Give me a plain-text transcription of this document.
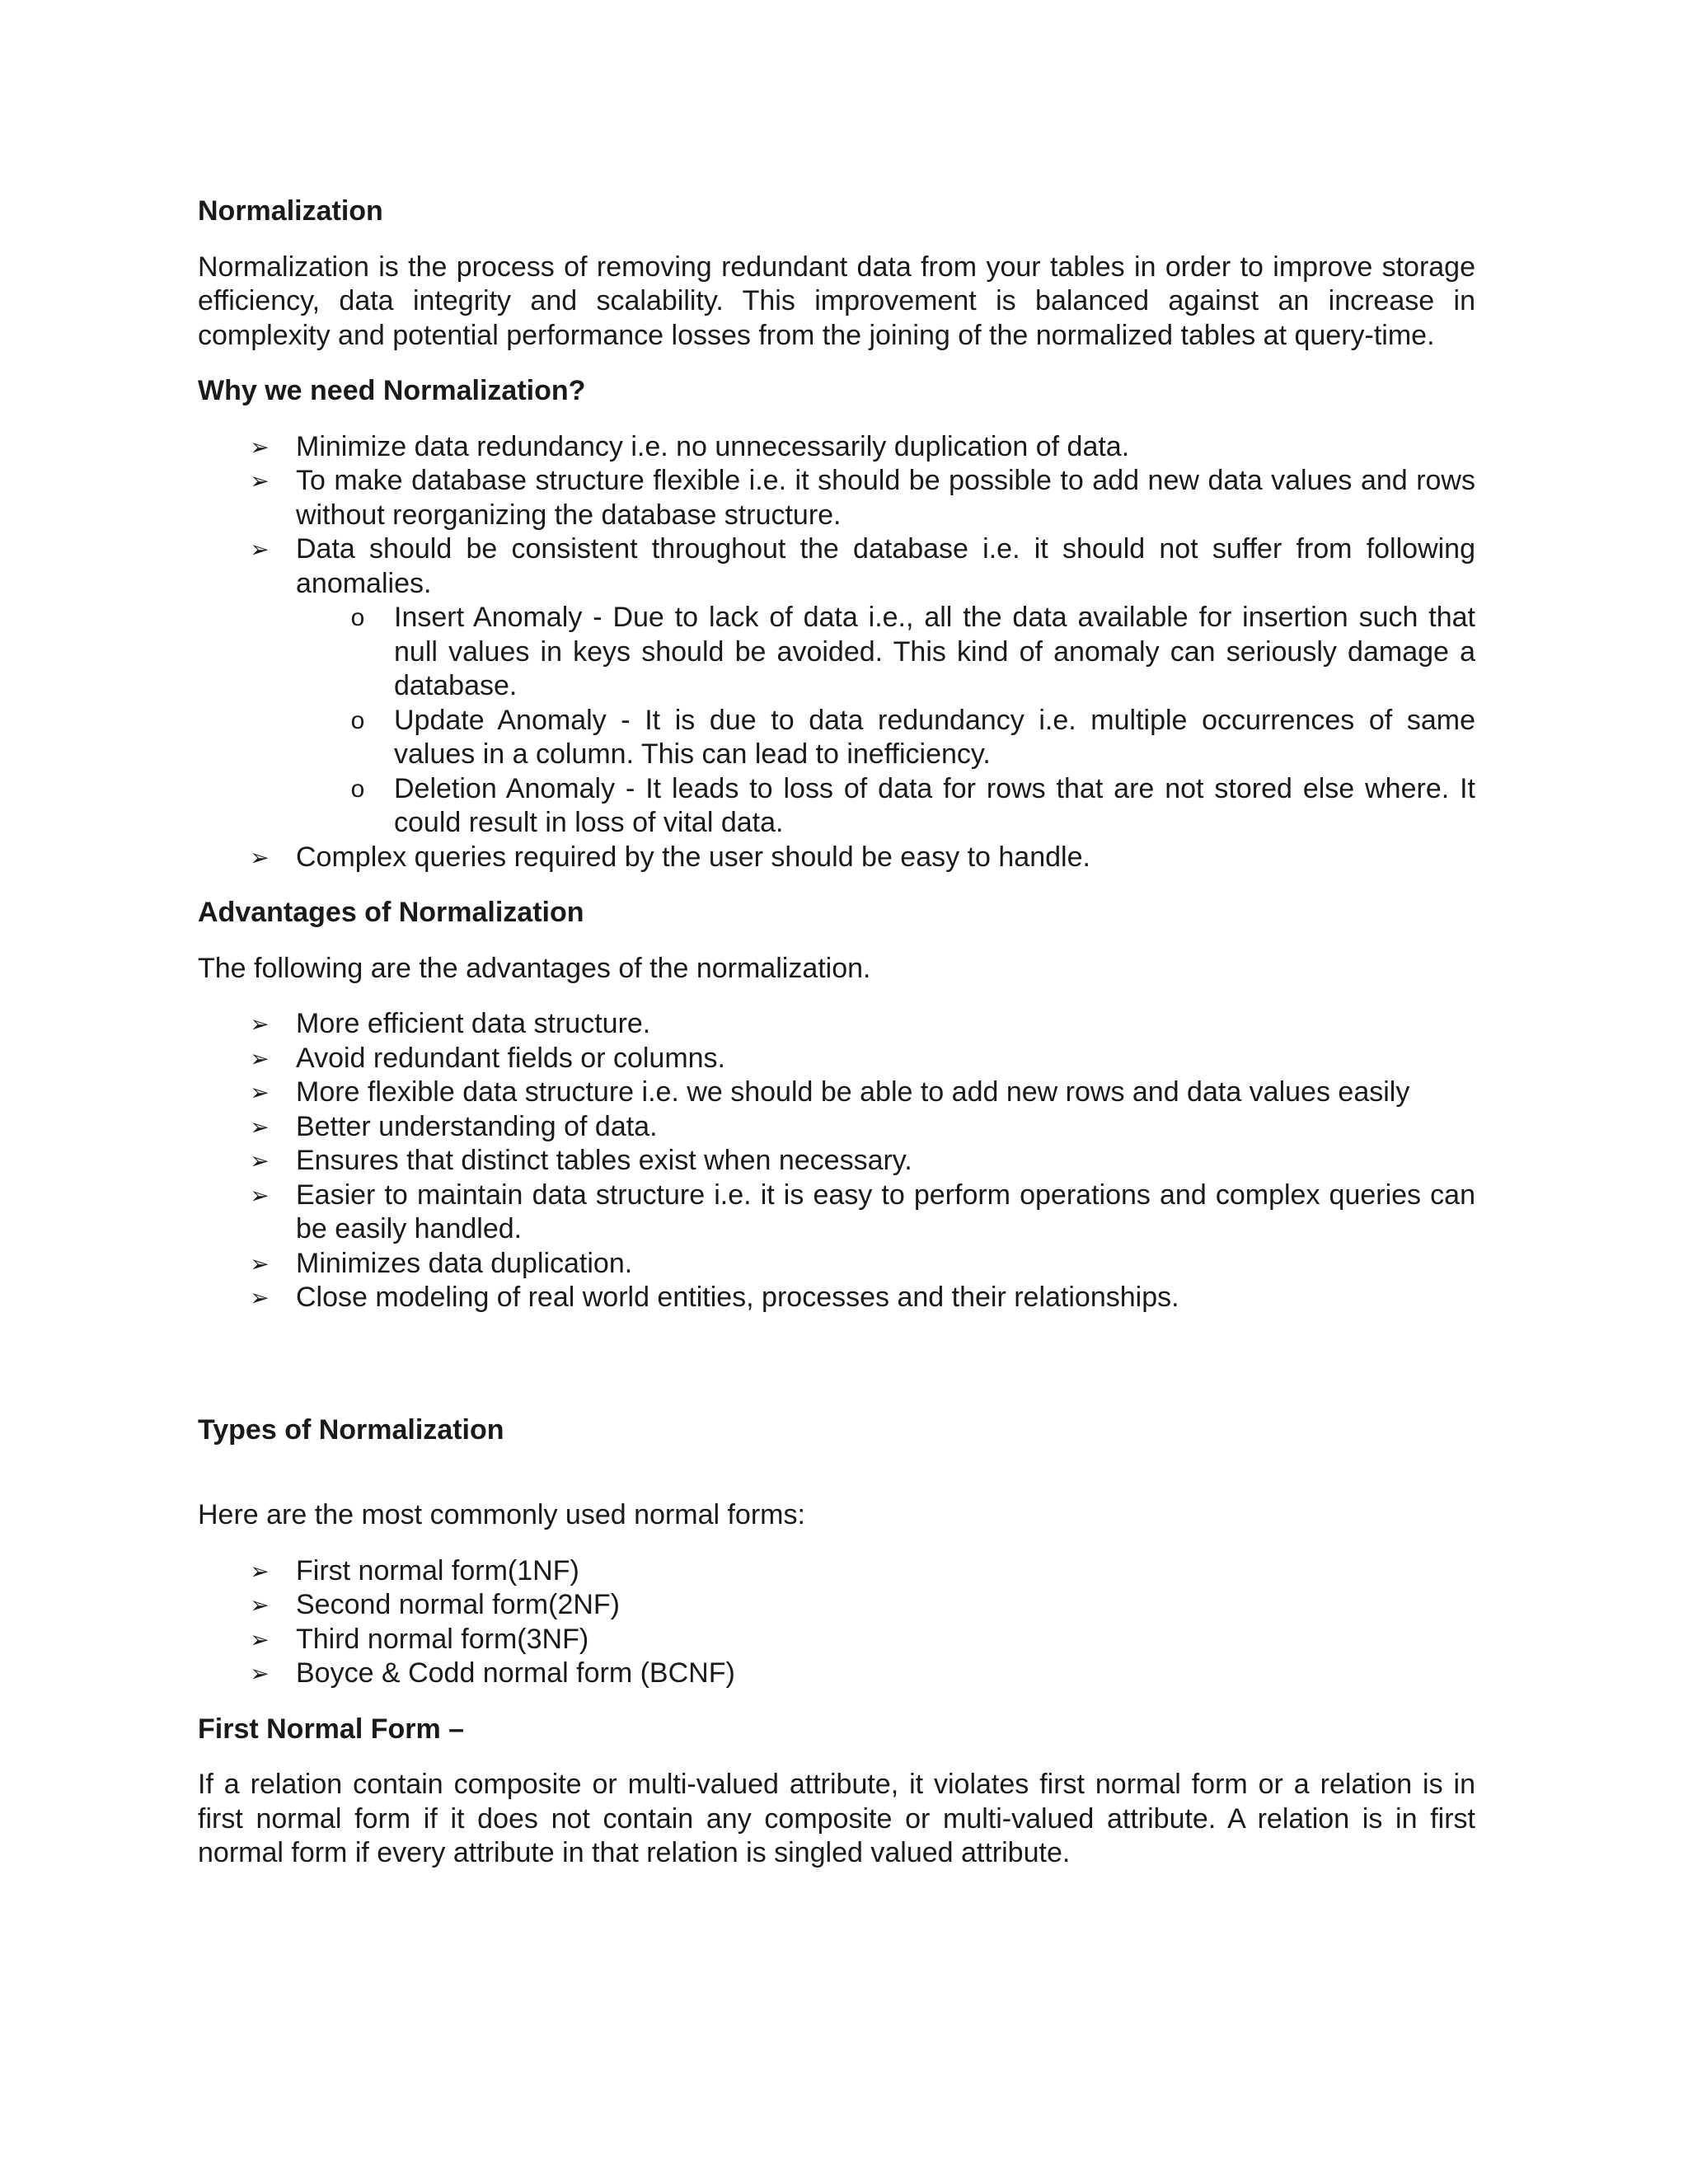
Normalization

Normalization is the process of removing redundant data from your tables in order to improve storage efficiency, data integrity and scalability. This improvement is balanced against an increase in complexity and potential performance losses from the joining of the normalized tables at query-time.

Why we need Normalization?

➢ Minimize data redundancy i.e. no unnecessarily duplication of data.
➢ To make database structure flexible i.e. it should be possible to add new data values and rows without reorganizing the database structure.
➢ Data should be consistent throughout the database i.e. it should not suffer from following anomalies.
o Insert Anomaly - Due to lack of data i.e., all the data available for insertion such that null values in keys should be avoided. This kind of anomaly can seriously damage a database.
o Update Anomaly - It is due to data redundancy i.e. multiple occurrences of same values in a column. This can lead to inefficiency.
o Deletion Anomaly - It leads to loss of data for rows that are not stored else where. It could result in loss of vital data.
➢ Complex queries required by the user should be easy to handle.

Advantages of Normalization

The following are the advantages of the normalization.

➢ More efficient data structure.
➢ Avoid redundant fields or columns.
➢ More flexible data structure i.e. we should be able to add new rows and data values easily
➢ Better understanding of data.
➢ Ensures that distinct tables exist when necessary.
➢ Easier to maintain data structure i.e. it is easy to perform operations and complex queries can be easily handled.
➢ Minimizes data duplication.
➢ Close modeling of real world entities, processes and their relationships.

Types of Normalization

Here are the most commonly used normal forms:

➢ First normal form(1NF)
➢ Second normal form(2NF)
➢ Third normal form(3NF)
➢ Boyce & Codd normal form (BCNF)

First Normal Form –

If a relation contain composite or multi-valued attribute, it violates first normal form or a relation is in first normal form if it does not contain any composite or multi-valued attribute. A relation is in first normal form if every attribute in that relation is singled valued attribute.
